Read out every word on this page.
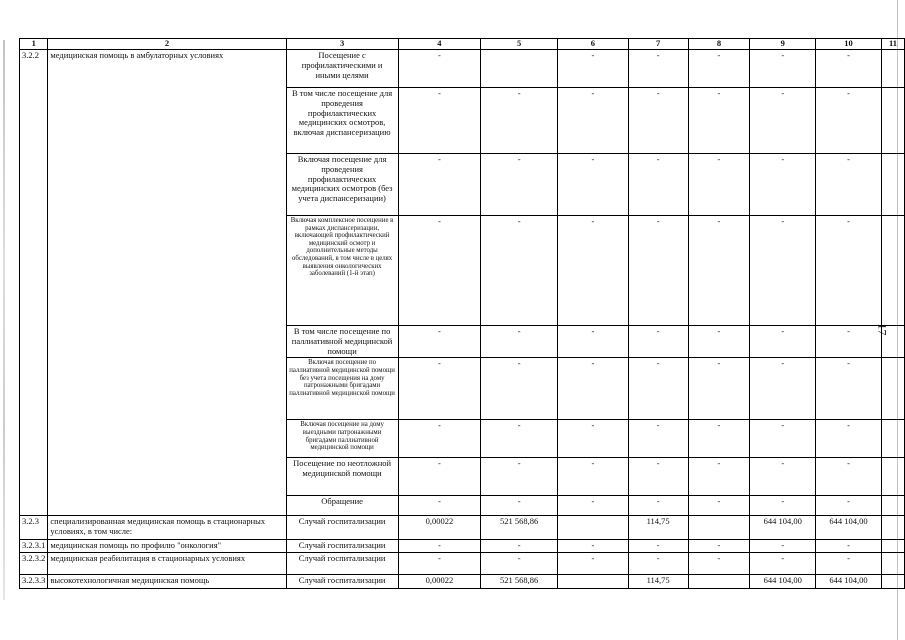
17
1	2	3	4	5	6	7	8	9	10	11
3.2.2	медицинская помощь в амбулаторных условиях	Посещение с профилактическими и иными целями	-		-	-	-	-	-	
		В том числе посещение для проведения профилактических медицинских осмотров, включая диспансеризацию	-	-	-	-	-	-	-	
		Включая посещение для проведения профилактических медицинских осмотров (без учета диспансеризации)	-	-	-	-	-	-	-	
		Включая комплексное посещение в рамках диспансеризации, включающей профилактический медицинский осмотр и дополнительные методы обследований, в том числе в целях выявления онкологических заболеваний (1-й этап)	-	-	-	-	-	-	-	
		В том числе посещение по паллиативной медицинской помощи	-	-	-	-	-	-	-	
		Включая посещение по паллиативной медицинской помощи без учета посещения на дому патронажными бригадами паллиативной медицинской помощи	-	-	-	-	-	-	-	
		Включая посещение на дому выездными патронажными бригадами паллиативной медицинской помощи	-	-	-	-	-	-	-	
		Посещение по неотложной медицинской помощи	-	-	-	-	-	-	-	
		Обращение	-	-	-	-	-	-	-	
3.2.3	специализированная медицинская помощь в стационарных условиях, в том числе:	Случай госпитализации	0,00022	521 568,86		114,75		644 104,00	644 104,00	
3.2.3.1	медицинская помощь по профилю "онкология"	Случай госпитализации	-	-	-	-	-	-	-	
3.2.3.2	медицинская реабилитация в стационарных условиях	Случай госпитализации	-	-	-	-	-	-	-	
3.2.3.3	высокотехнологичная медицинская помощь	Случай госпитализации	0,00022	521 568,86		114,75		644 104,00	644 104,00	
